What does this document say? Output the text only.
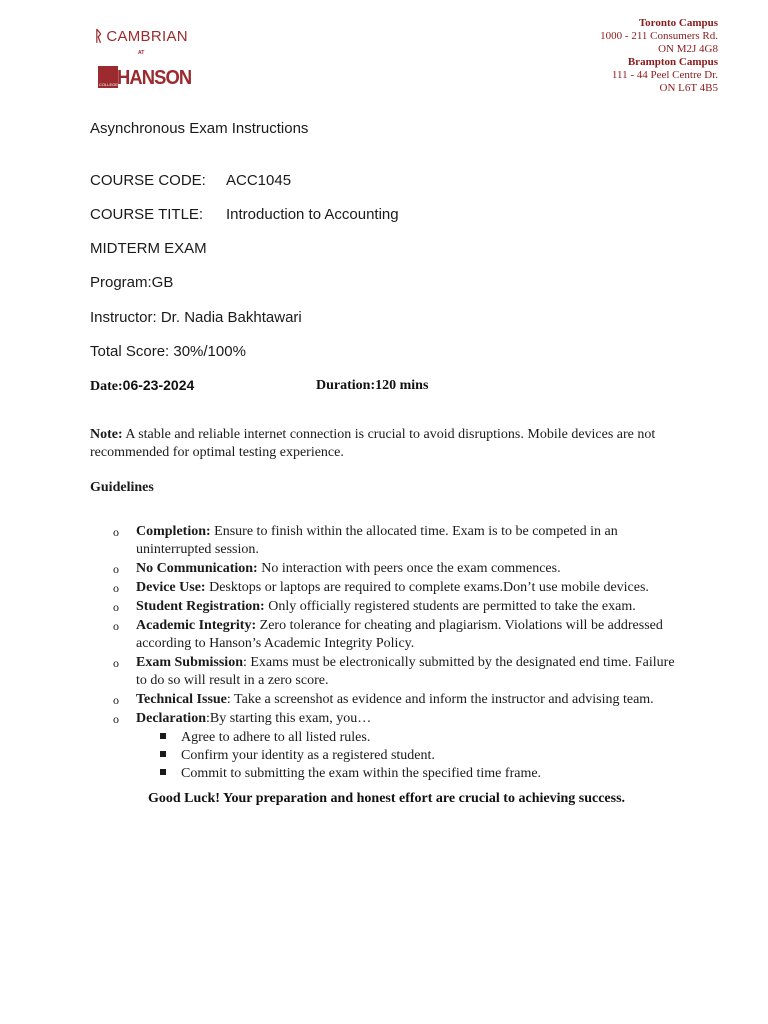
ᚱ CAMBRIAN
AT
COLLEGE HANSON
Toronto Campus
1000 - 211 Consumers Rd.
ON M2J 4G8
Brampton Campus
111 - 44 Peel Centre Dr.
ON L6T 4B5
Asynchronous Exam Instructions
COURSE CODE: ACC1045
COURSE TITLE: Introduction to Accounting
MIDTERM EXAM
Program:GB
Instructor: Dr. Nadia Bakhtawari
Total Score: 30%/100%
Date:06-23-2024	Duration:120 mins
Note: A stable and reliable internet connection is crucial to avoid disruptions. Mobile devices are not recommended for optimal testing experience.
Guidelines
o Completion: Ensure to finish within the allocated time. Exam is to be competed in an uninterrupted session.
o No Communication: No interaction with peers once the exam commences.
o Device Use: Desktops or laptops are required to complete exams.Don’t use mobile devices.
o Student Registration: Only officially registered students are permitted to take the exam.
o Academic Integrity: Zero tolerance for cheating and plagiarism. Violations will be addressed according to Hanson’s Academic Integrity Policy.
o Exam Submission: Exams must be electronically submitted by the designated end time. Failure to do so will result in a zero score.
o Technical Issue: Take a screenshot as evidence and inform the instructor and advising team.
o Declaration:By starting this exam, you…
Agree to adhere to all listed rules.
Confirm your identity as a registered student.
Commit to submitting the exam within the specified time frame.
Good Luck! Your preparation and honest effort are crucial to achieving success.
